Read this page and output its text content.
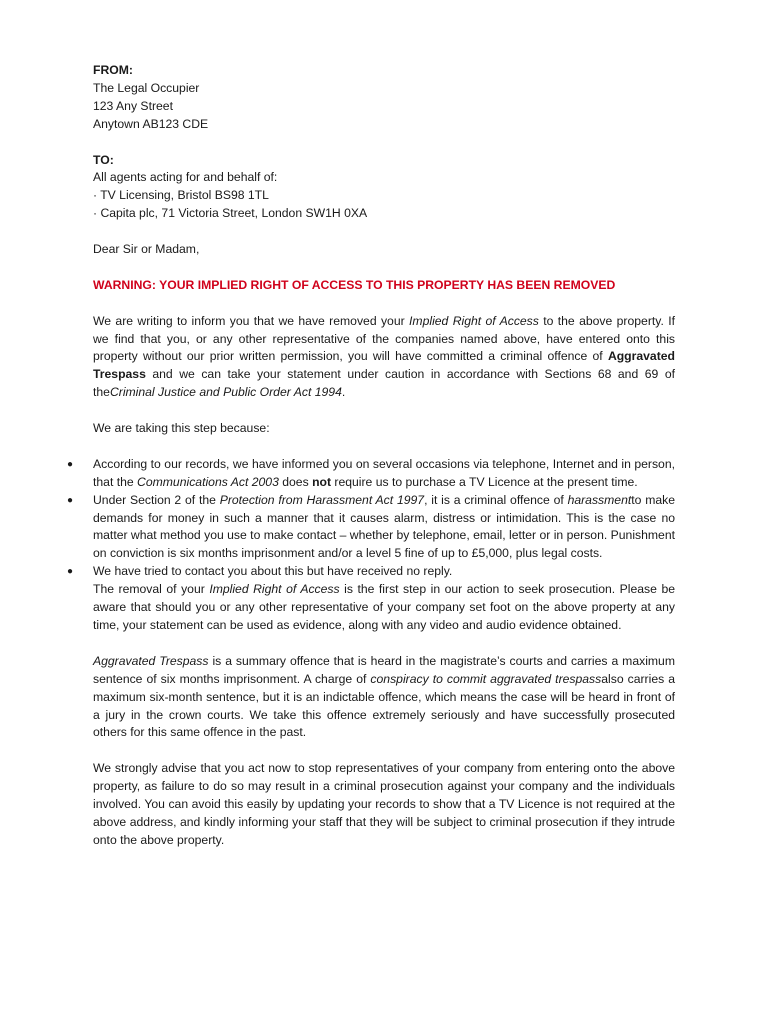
FROM:

The Legal Occupier

123 Any Street

Anytown AB123 CDE

TO:

All agents acting for and behalf of:

· TV Licensing, Bristol BS98 1TL

· Capita plc, 71 Victoria Street, London SW1H 0XA

Dear Sir or Madam,

WARNING: YOUR IMPLIED RIGHT OF ACCESS TO THIS PROPERTY HAS BEEN REMOVED

We are writing to inform you that we have removed your Implied Right of Access to the above property. If we find that you, or any other representative of the companies named above, have entered onto this property without our prior written permission, you will have committed a criminal offence of Aggravated Trespass and we can take your statement under caution in accordance with Sections 68 and 69 of theCriminal Justice and Public Order Act 1994.

We are taking this step because:

● According to our records, we have informed you on several occasions via telephone, Internet and in person, that the Communications Act 2003 does not require us to purchase a TV Licence at the present time.
● Under Section 2 of the Protection from Harassment Act 1997, it is a criminal offence of harassmentto make demands for money in such a manner that it causes alarm, distress or intimidation. This is the case no matter what method you use to make contact – whether by telephone, email, letter or in person. Punishment on conviction is six months imprisonment and/or a level 5 fine of up to £5,000, plus legal costs.
● We have tried to contact you about this but have received no reply.

The removal of your Implied Right of Access is the first step in our action to seek prosecution. Please be aware that should you or any other representative of your company set foot on the above property at any time, your statement can be used as evidence, along with any video and audio evidence obtained.

Aggravated Trespass is a summary offence that is heard in the magistrate’s courts and carries a maximum sentence of six months imprisonment. A charge of conspiracy to commit aggravated trespassalso carries a maximum six-month sentence, but it is an indictable offence, which means the case will be heard in front of a jury in the crown courts. We take this offence extremely seriously and have successfully prosecuted others for this same offence in the past.

We strongly advise that you act now to stop representatives of your company from entering onto the above property, as failure to do so may result in a criminal prosecution against your company and the individuals involved. You can avoid this easily by updating your records to show that a TV Licence is not required at the above address, and kindly informing your staff that they will be subject to criminal prosecution if they intrude onto the above property.
